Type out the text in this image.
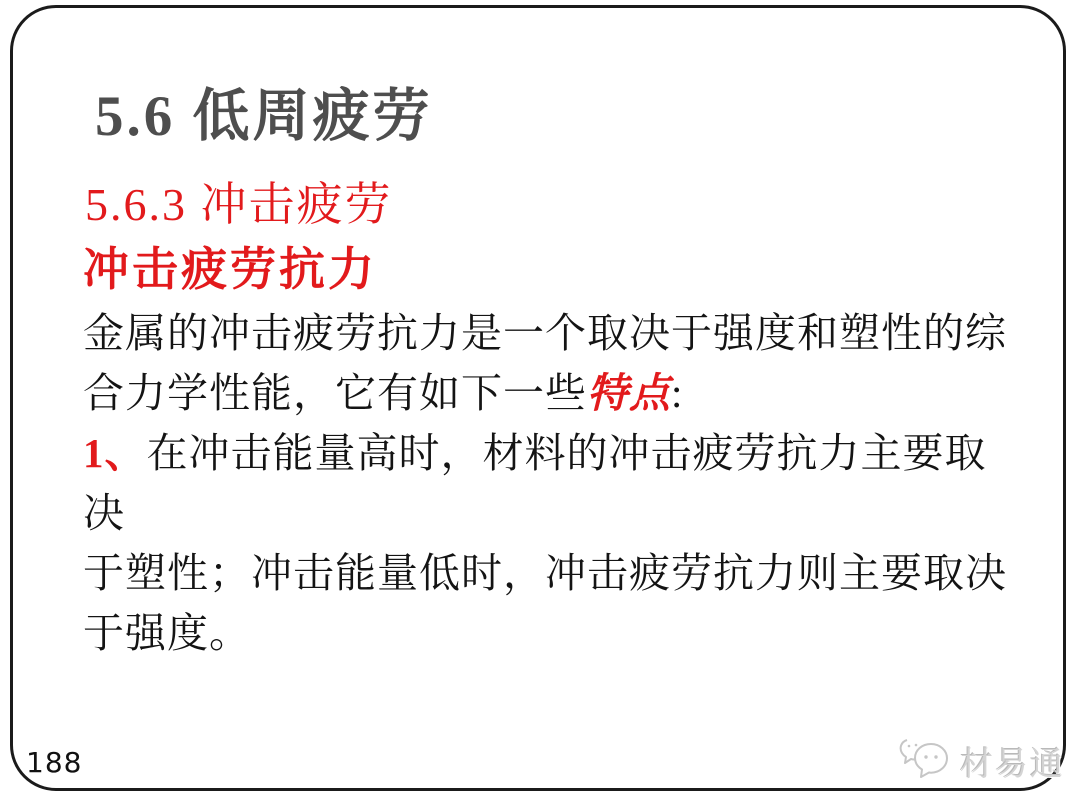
5.6 低周疲劳
5.6.3 冲击疲劳
冲击疲劳抗力

金属的冲击疲劳抗力是一个取决于强度和塑性的综
合力学性能，它有如下一些特点:

1、在冲击能量高时，材料的冲击疲劳抗力主要取决
于塑性；冲击能量低时，冲击疲劳抗力则主要取决
于强度。

188	材易通
